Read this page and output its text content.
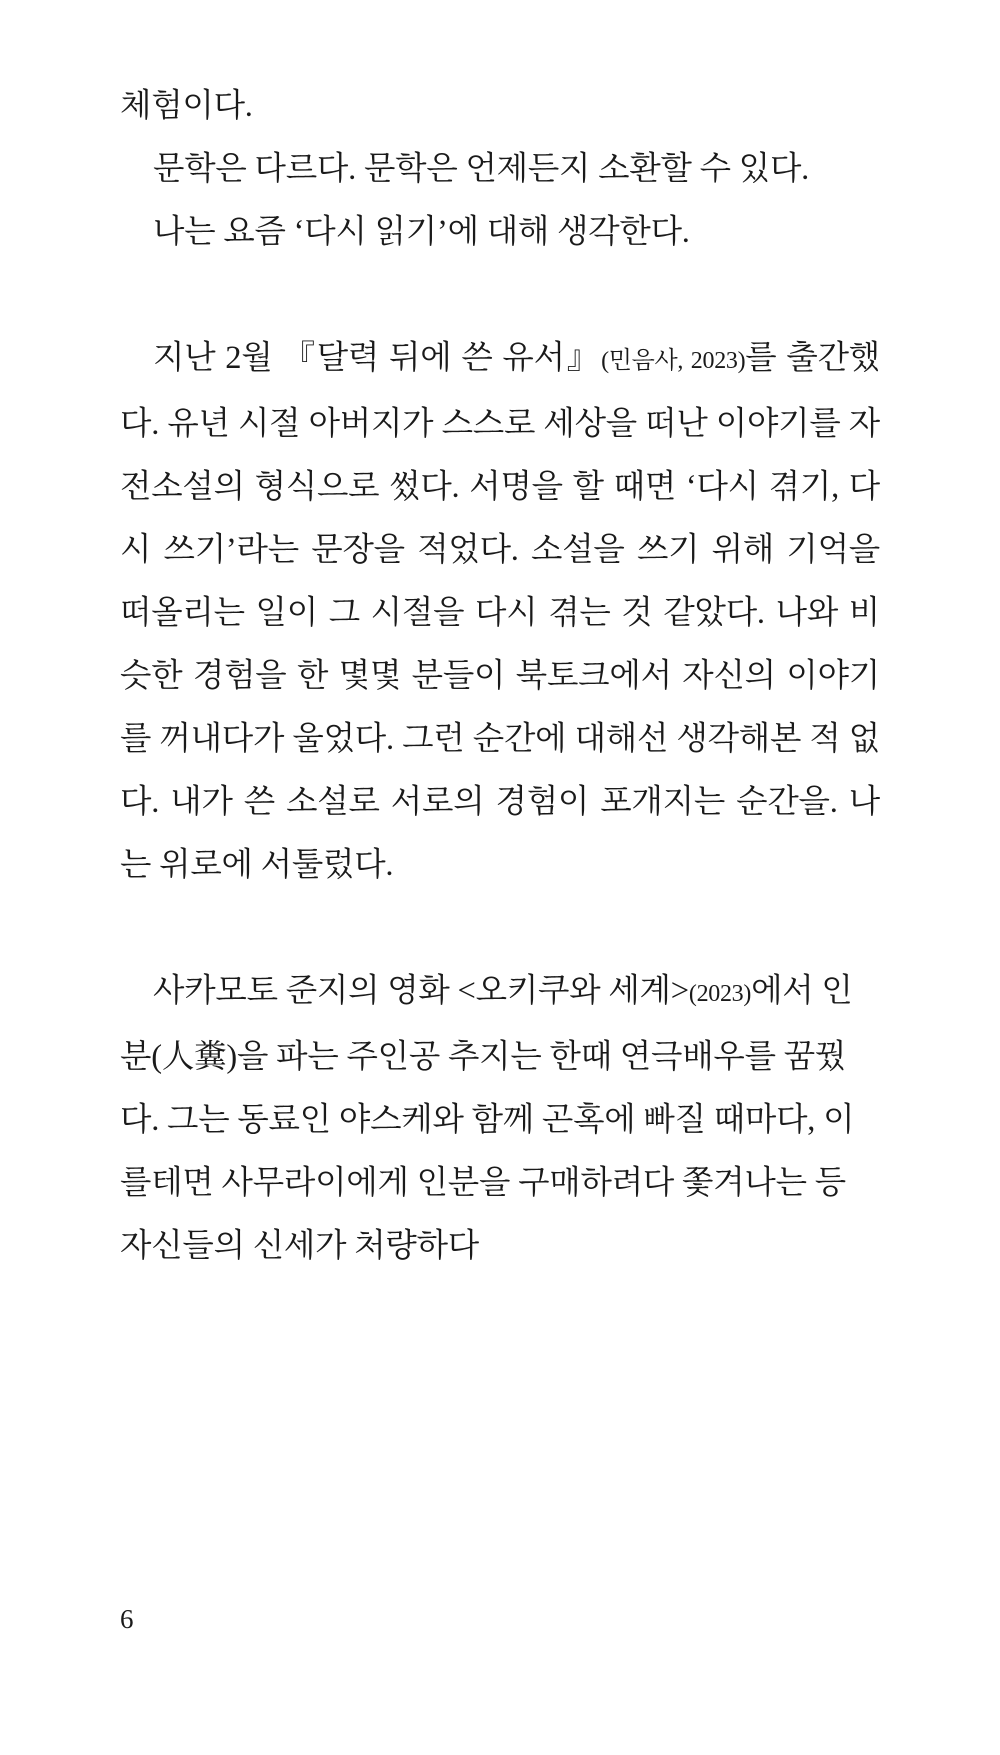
체험이다.

문학은 다르다. 문학은 언제든지 소환할 수 있다.

나는 요즘 ‘다시 읽기’에 대해 생각한다.

지난 2월 『달력 뒤에 쓴 유서』(민음사, 2023)를 출간했다. 유년 시절 아버지가 스스로 세상을 떠난 이야기를 자전소설의 형식으로 썼다. 서명을 할 때면 ‘다시 겪기, 다시 쓰기’라는 문장을 적었다. 소설을 쓰기 위해 기억을 떠올리는 일이 그 시절을 다시 겪는 것 같았다. 나와 비슷한 경험을 한 몇몇 분들이 북토크에서 자신의 이야기를 꺼내다가 울었다. 그런 순간에 대해선 생각해본 적 없다. 내가 쓴 소설로 서로의 경험이 포개지는 순간을. 나는 위로에 서툴렀다.

사카모토 준지의 영화 <오키쿠와 세계>(2023)에서 인분(人糞)을 파는 주인공 추지는 한때 연극배우를 꿈꿨다. 그는 동료인 야스케와 함께 곤혹에 빠질 때마다, 이를테면 사무라이에게 인분을 구매하려다 쫓겨나는 등 자신들의 신세가 처량하다

6
